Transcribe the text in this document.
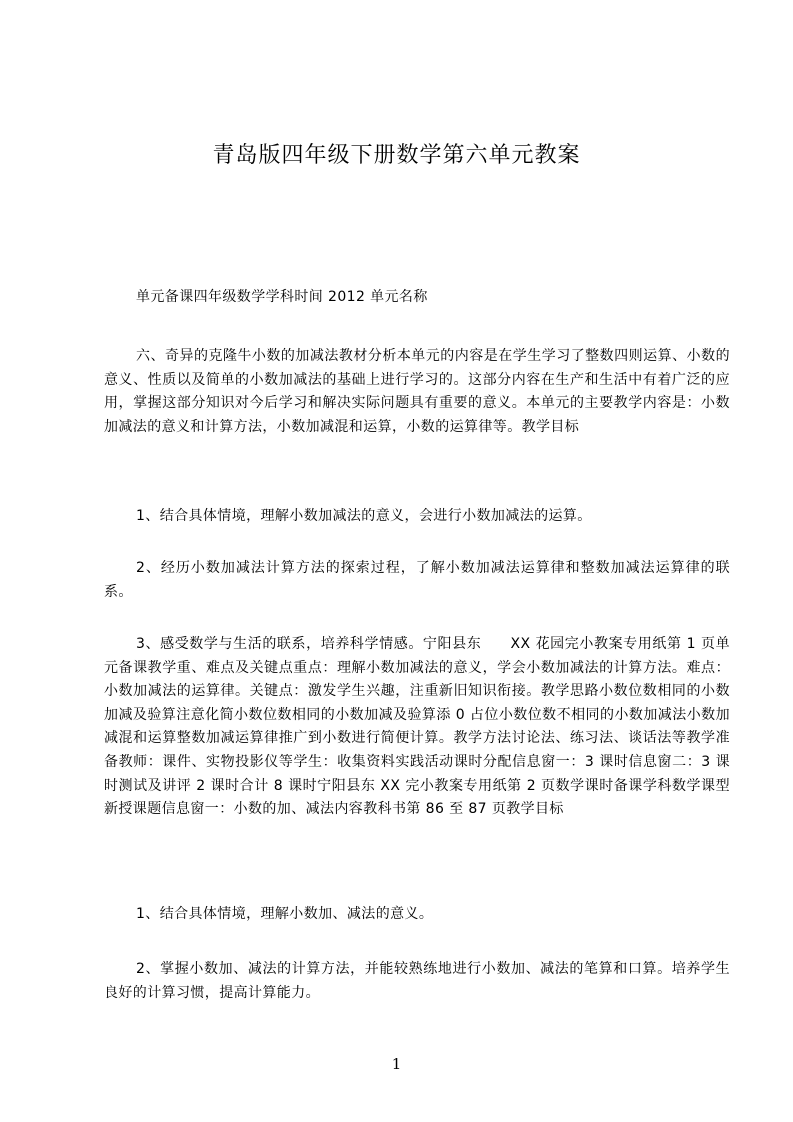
青岛版四年级下册数学第六单元教案

单元备课四年级数学学科时间 2012 单元名称

六、奇异的克隆牛小数的加减法教材分析本单元的内容是在学生学习了整数四则运算、小数的意义、性质以及简单的小数加减法的基础上进行学习的。这部分内容在生产和生活中有着广泛的应用，掌握这部分知识对今后学习和解决实际问题具有重要的意义。本单元的主要教学内容是：小数加减法的意义和计算方法，小数加减混和运算，小数的运算律等。教学目标

1、结合具体情境，理解小数加减法的意义，会进行小数加减法的运算。

2、经历小数加减法计算方法的探索过程，了解小数加减法运算律和整数加减法运算律的联系。

3、感受数学与生活的联系，培养科学情感。宁阳县东　　XX 花园完小教案专用纸第 1 页单元备课教学重、难点及关键点重点：理解小数加减法的意义，学会小数加减法的计算方法。难点：小数加减法的运算律。关键点：激发学生兴趣，注重新旧知识衔接。教学思路小数位数相同的小数加减及验算注意化简小数位数相同的小数加减及验算添 0 占位小数位数不相同的小数加减法小数加减混和运算整数加减运算律推广到小数进行简便计算。教学方法讨论法、练习法、谈话法等教学准备教师：课件、实物投影仪等学生：收集资料实践活动课时分配信息窗一：3 课时信息窗二：3 课时测试及讲评 2 课时合计 8 课时宁阳县东 XX 完小教案专用纸第 2 页数学课时备课学科数学课型新授课题信息窗一：小数的加、减法内容教科书第 86 至 87 页教学目标

1、结合具体情境，理解小数加、减法的意义。

2、掌握小数加、减法的计算方法，并能较熟练地进行小数加、减法的笔算和口算。培养学生良好的计算习惯，提高计算能力。

1
